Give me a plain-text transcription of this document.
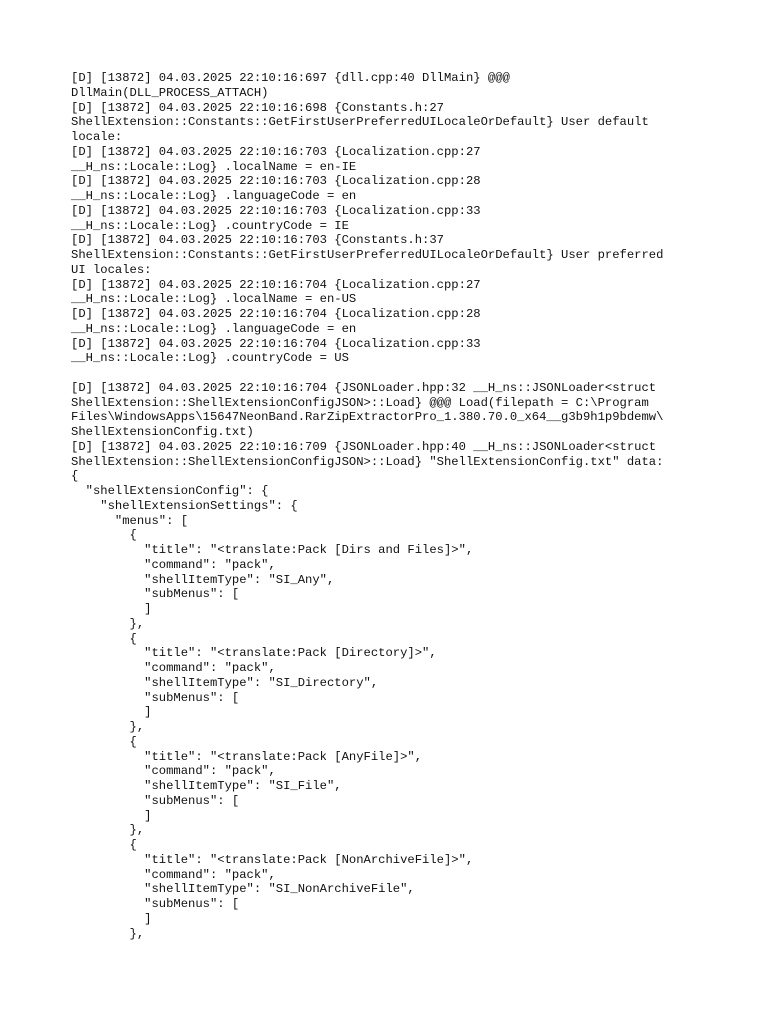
[D] [13872] 04.03.2025 22:10:16:697 {dll.cpp:40 DllMain} @@@
DllMain(DLL_PROCESS_ATTACH)
[D] [13872] 04.03.2025 22:10:16:698 {Constants.h:27
ShellExtension::Constants::GetFirstUserPreferredUILocaleOrDefault} User default
locale:
[D] [13872] 04.03.2025 22:10:16:703 {Localization.cpp:27
__H_ns::Locale::Log} .localName = en-IE
[D] [13872] 04.03.2025 22:10:16:703 {Localization.cpp:28
__H_ns::Locale::Log} .languageCode = en
[D] [13872] 04.03.2025 22:10:16:703 {Localization.cpp:33
__H_ns::Locale::Log} .countryCode = IE
[D] [13872] 04.03.2025 22:10:16:703 {Constants.h:37
ShellExtension::Constants::GetFirstUserPreferredUILocaleOrDefault} User preferred
UI locales:
[D] [13872] 04.03.2025 22:10:16:704 {Localization.cpp:27
__H_ns::Locale::Log} .localName = en-US
[D] [13872] 04.03.2025 22:10:16:704 {Localization.cpp:28
__H_ns::Locale::Log} .languageCode = en
[D] [13872] 04.03.2025 22:10:16:704 {Localization.cpp:33
__H_ns::Locale::Log} .countryCode = US

[D] [13872] 04.03.2025 22:10:16:704 {JSONLoader.hpp:32 __H_ns::JSONLoader<struct
ShellExtension::ShellExtensionConfigJSON>::Load} @@@ Load(filepath = C:\Program
Files\WindowsApps\15647NeonBand.RarZipExtractorPro_1.380.70.0_x64__g3b9h1p9bdemw\
ShellExtensionConfig.txt)
[D] [13872] 04.03.2025 22:10:16:709 {JSONLoader.hpp:40 __H_ns::JSONLoader<struct
ShellExtension::ShellExtensionConfigJSON>::Load} "ShellExtensionConfig.txt" data:
{
"shellExtensionConfig": {
"shellExtensionSettings": {
"menus": [
{
"title": "<translate:Pack [Dirs and Files]>",
"command": "pack",
"shellItemType": "SI_Any",
"subMenus": [
]
},
{
"title": "<translate:Pack [Directory]>",
"command": "pack",
"shellItemType": "SI_Directory",
"subMenus": [
]
},
{
"title": "<translate:Pack [AnyFile]>",
"command": "pack",
"shellItemType": "SI_File",
"subMenus": [
]
},
{
"title": "<translate:Pack [NonArchiveFile]>",
"command": "pack",
"shellItemType": "SI_NonArchiveFile",
"subMenus": [
]
},
